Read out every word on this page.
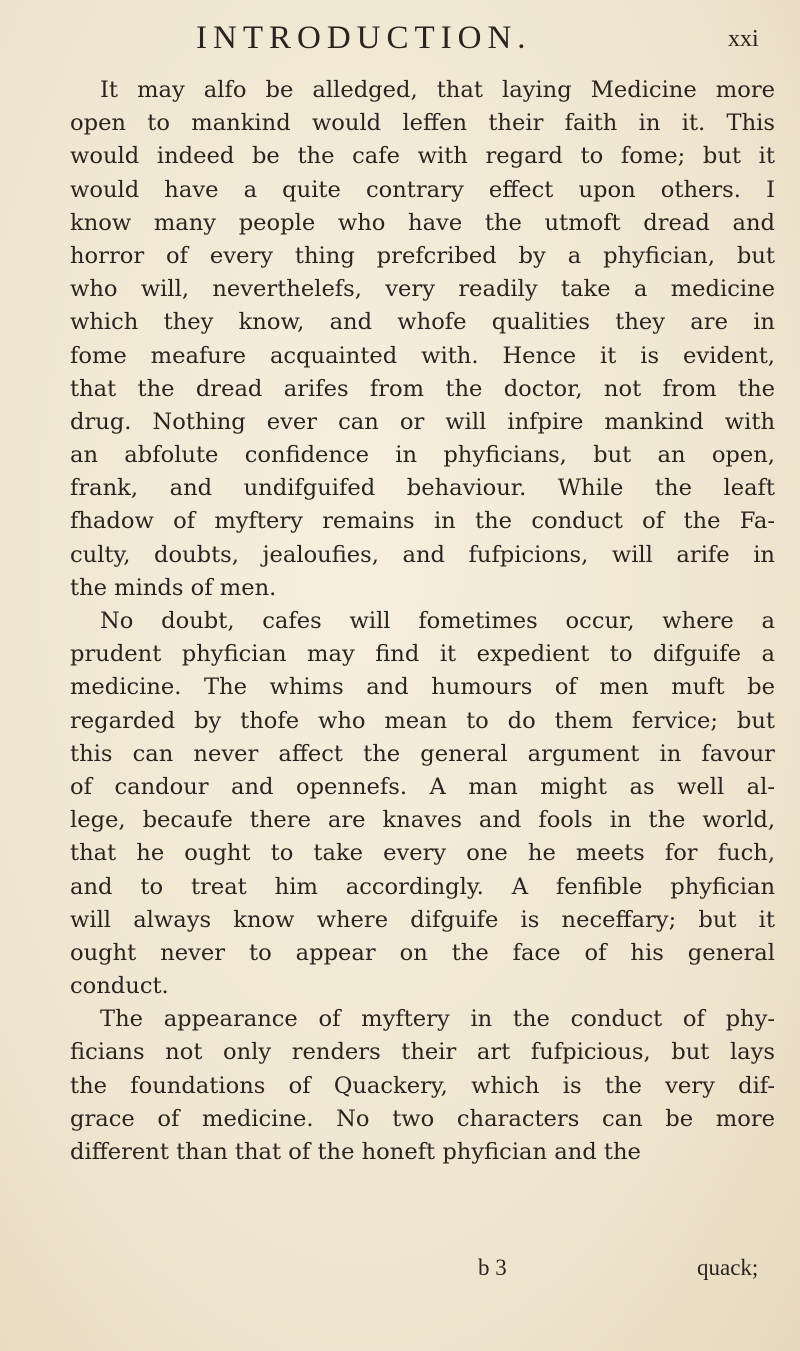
INTRODUCTION.	xxi
It may alfo be alledged, that laying Medicine more
open to mankind would leffen their faith in it. This
would indeed be the cafe with regard to fome; but it
would have a quite contrary effect upon others. I
know many people who have the utmoft dread and
horror of every thing prefcribed by a phyfician, but
who will, neverthelefs, very readily take a medicine
which they know, and whofe qualities they are in
fome meafure acquainted with. Hence it is evident,
that the dread arifes from the doctor, not from the
drug. Nothing ever can or will infpire mankind with
an abfolute confidence in phyficians, but an open,
frank, and undifguifed behaviour. While the leaft
fhadow of myftery remains in the conduct of the Fa-
culty, doubts, jealoufies, and fufpicions, will arife in
the minds of men.
No doubt, cafes will fometimes occur, where a
prudent phyfician may find it expedient to difguife a
medicine. The whims and humours of men muft be
regarded by thofe who mean to do them fervice; but
this can never affect the general argument in favour
of candour and opennefs. A man might as well al-
lege, becaufe there are knaves and fools in the world,
that he ought to take every one he meets for fuch,
and to treat him accordingly. A fenfible phyfician
will always know where difguife is neceffary; but it
ought never to appear on the face of his general
conduct.
The appearance of myftery in the conduct of phy-
ficians not only renders their art fufpicious, but lays
the foundations of Quackery, which is the very dif-
grace of medicine. No two characters can be more
different than that of the honeft phyfician and the
b 3	quack;
